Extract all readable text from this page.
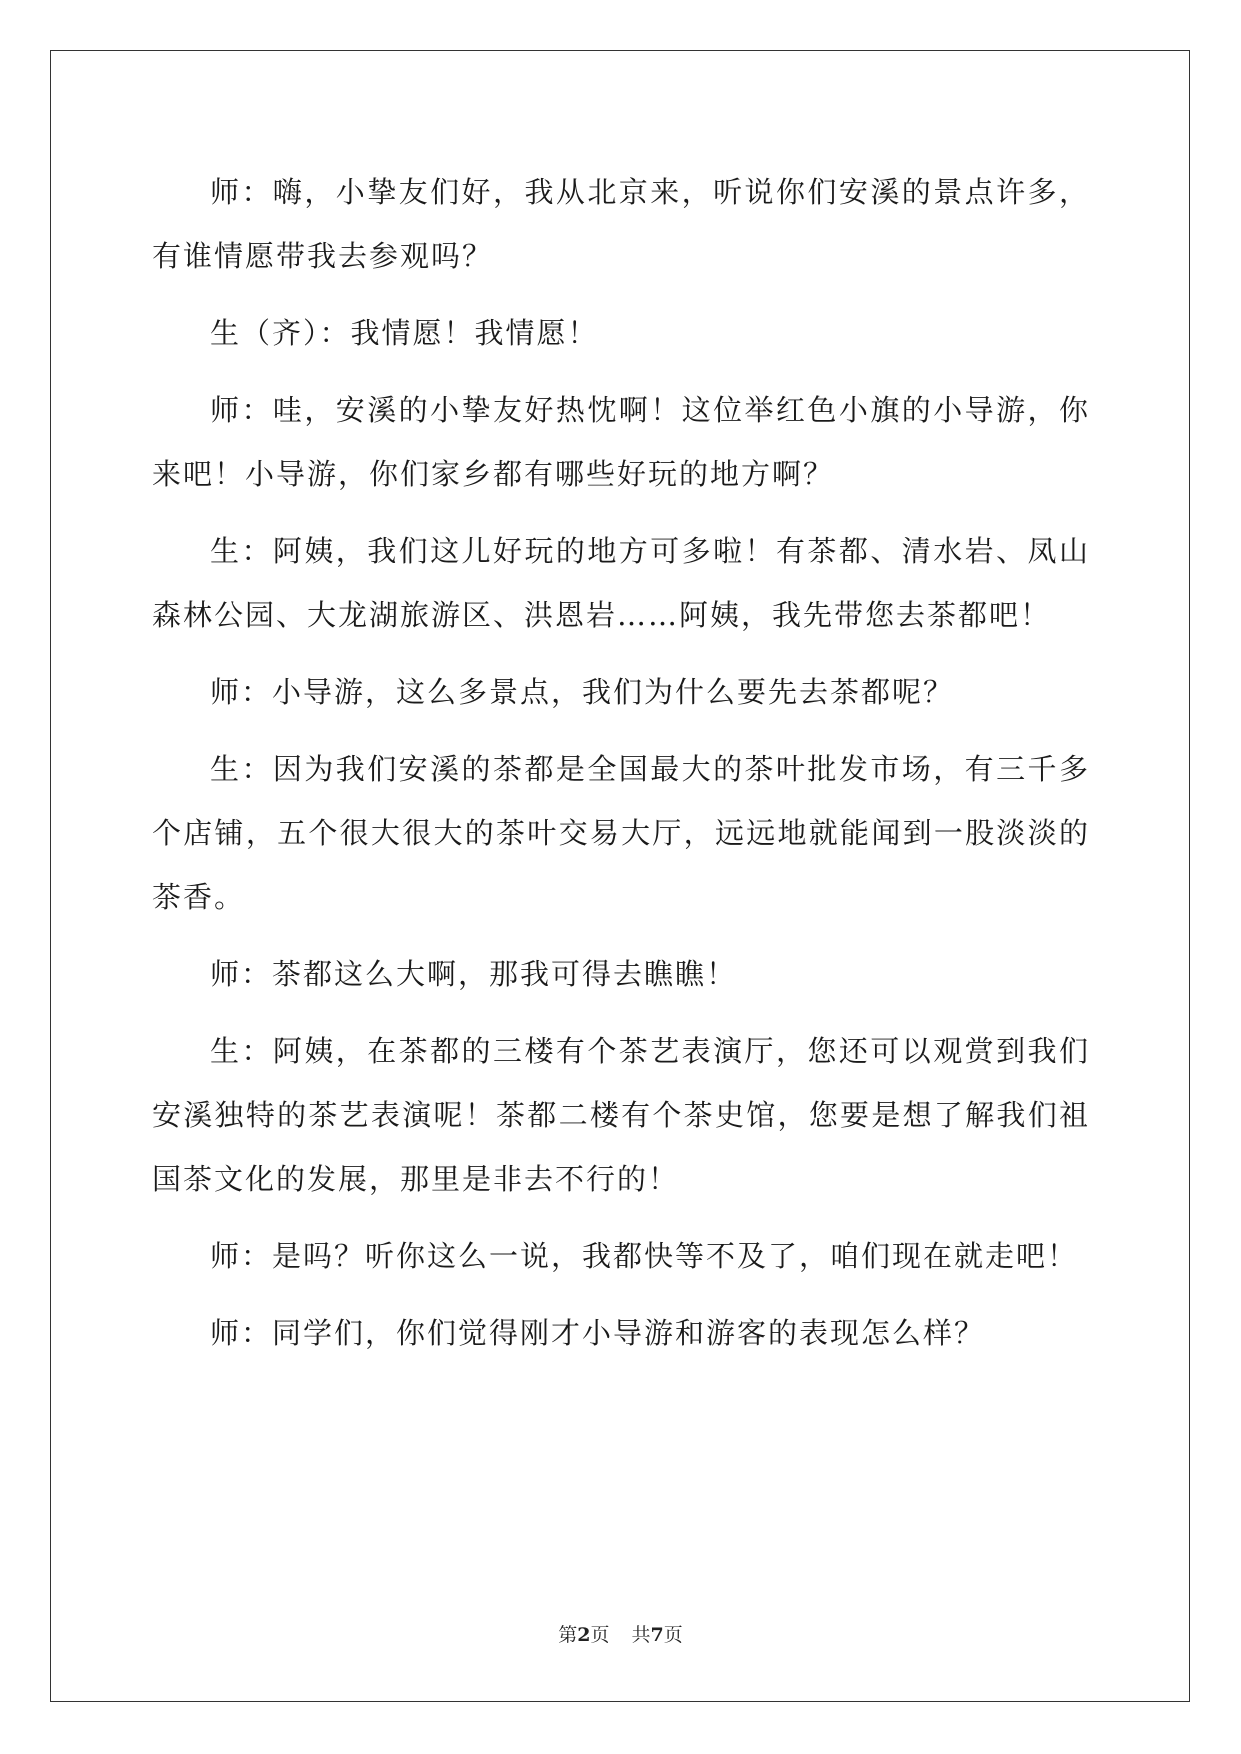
师：嗨，小挚友们好，我从北京来，听说你们安溪的景点许多，有谁情愿带我去参观吗？

生（齐）：我情愿！我情愿！

师：哇，安溪的小挚友好热忱啊！这位举红色小旗的小导游，你来吧！小导游，你们家乡都有哪些好玩的地方啊？

生：阿姨，我们这儿好玩的地方可多啦！有茶都、清水岩、凤山森林公园、大龙湖旅游区、洪恩岩……阿姨，我先带您去茶都吧！

师：小导游，这么多景点，我们为什么要先去茶都呢？

生：因为我们安溪的茶都是全国最大的茶叶批发市场，有三千多个店铺，五个很大很大的茶叶交易大厅，远远地就能闻到一股淡淡的茶香。

师：茶都这么大啊，那我可得去瞧瞧！

生：阿姨，在茶都的三楼有个茶艺表演厅，您还可以观赏到我们安溪独特的茶艺表演呢！茶都二楼有个茶史馆，您要是想了解我们祖国茶文化的发展，那里是非去不行的！

师：是吗？听你这么一说，我都快等不及了，咱们现在就走吧！

师：同学们，你们觉得刚才小导游和游客的表现怎么样？

第2页 共7页
